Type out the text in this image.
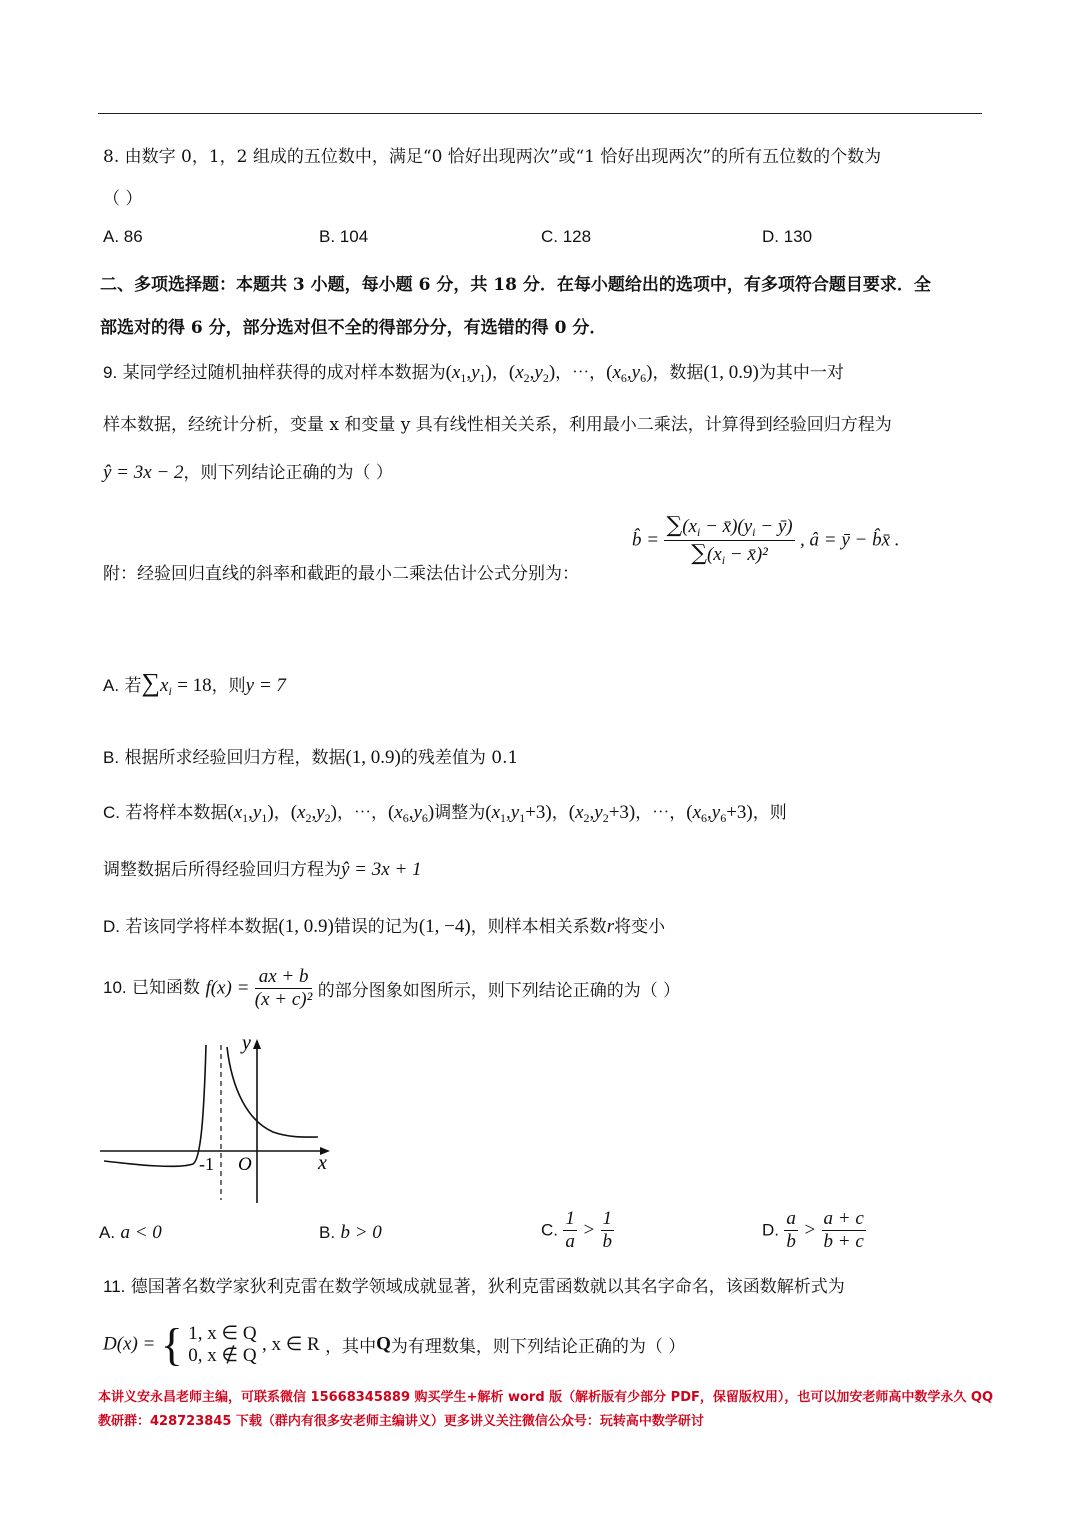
8. 由数字 0，1，2 组成的五位数中，满足“0 恰好出现两次”或“1 恰好出现两次”的所有五位数的个数为
（ ）
A. 86	B. 104	C. 128	D. 130
二、多项选择题：本题共 3 小题，每小题 6 分，共 18 分．在每小题给出的选项中，有多项符合题目要求．全
部选对的得 6 分，部分选对但不全的得部分分，有选错的得 0 分．
9. 某同学经过随机抽样获得的成对样本数据为$(x_1,y_1)$，$(x_2,y_2)$，⋯，$(x_6,y_6)$，数据(1, 0.9)为其中一对
样本数据，经统计分析，变量 x 和变量 y 具有线性相关关系，利用最小二乘法，计算得到经验回归方程为
ŷ = 3x − 2，则下列结论正确的为（ ）
附：经验回归直线的斜率和截距的最小二乘法估计公式分别为：
b̂ = $\frac{\sum(x_i - x̄)(y_i - ȳ)}{\sum(x_i - x̄)^2}$ , â = ȳ − b̂x̄ .
A. 若$\sum x_i = 18$，则y = 7
B. 根据所求经验回归方程，数据(1, 0.9)的残差值为 0.1
C. 若将样本数据$(x_1,y_1)$，$(x_2,y_2)$，⋯，$(x_6,y_6)$调整为$(x_1,y_1+3)$，$(x_2,y_2+3)$，⋯，$(x_6,y_6+3)$，则
调整数据后所得经验回归方程为ŷ = 3x + 1
D. 若该同学将样本数据(1, 0.9)错误的记为(1, −4)，则样本相关系数r将变小
10. 已知函数 $f(x) = \frac{ax + b}{\text{(x + c)²}}$ 的部分图象如图所示，则下列结论正确的为（ ）
y
x
O
-1
A. a < 0	B. b > 0	C. $\frac{1}{a} > \frac{1}{b}$	D. $\frac{a}{b} > \frac{a + c}{b + c}$
11. 德国著名数学家狄利克雷在数学领域成就显著，狄利克雷函数就以其名字命名，该函数解析式为
D(x) = { 1, x ∈ Q
0, x ∉ Q , x ∈ R ，其中Q为有理数集，则下列结论正确的为（ ）
本讲义安永昌老师主编，可联系微信 15668345889 购买学生+解析 word 版（解析版有少部分 PDF，保留版权用），也可以加安老师高中数学永久 QQ
教研群：428723845 下载（群内有很多安老师主编讲义）更多讲义关注微信公众号：玩转高中数学研讨
